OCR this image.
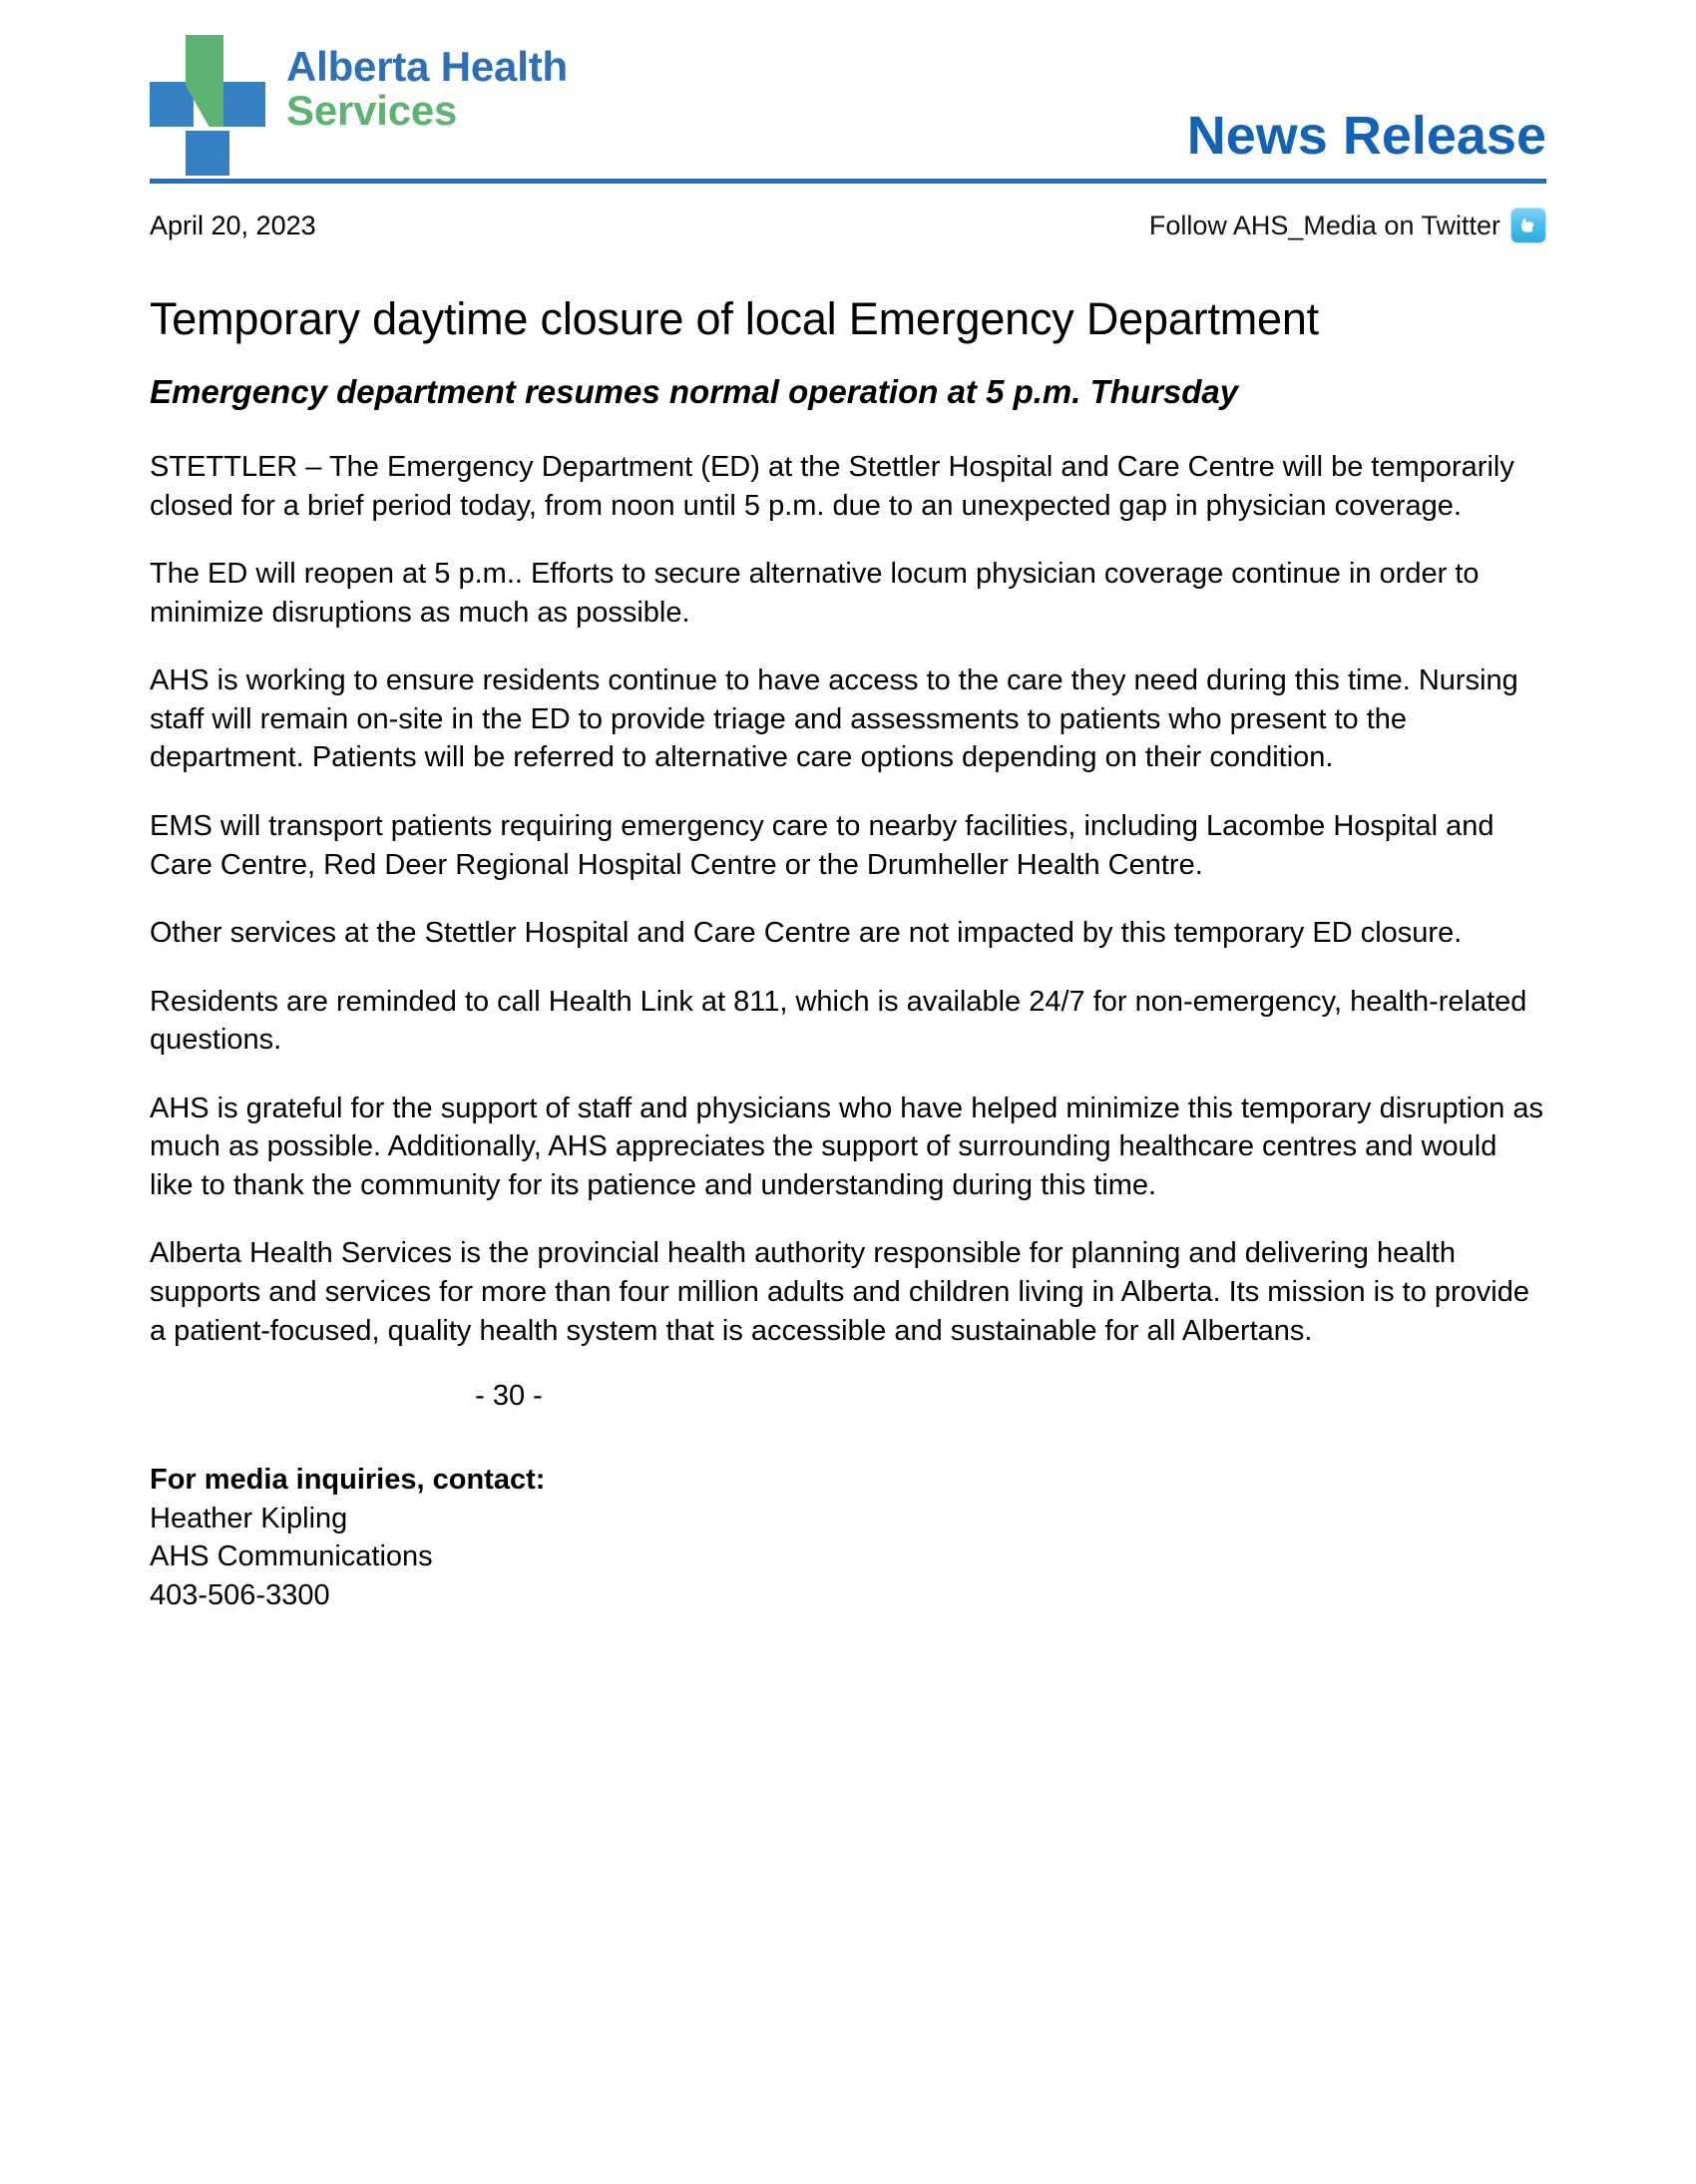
Alberta Health
Services	News Release
April 20, 2023	Follow AHS_Media on Twitter
Temporary daytime closure of local Emergency Department
Emergency department resumes normal operation at 5 p.m. Thursday

STETTLER – The Emergency Department (ED) at the Stettler Hospital and Care Centre will be temporarily closed for a brief period today, from noon until 5 p.m. due to an unexpected gap in physician coverage.

The ED will reopen at 5 p.m.. Efforts to secure alternative locum physician coverage continue in order to minimize disruptions as much as possible.

AHS is working to ensure residents continue to have access to the care they need during this time. Nursing staff will remain on-site in the ED to provide triage and assessments to patients who present to the department. Patients will be referred to alternative care options depending on their condition.

EMS will transport patients requiring emergency care to nearby facilities, including Lacombe Hospital and Care Centre, Red Deer Regional Hospital Centre or the Drumheller Health Centre.

Other services at the Stettler Hospital and Care Centre are not impacted by this temporary ED closure.

Residents are reminded to call Health Link at 811, which is available 24/7 for non-emergency, health-related questions.

AHS is grateful for the support of staff and physicians who have helped minimize this temporary disruption as much as possible. Additionally, AHS appreciates the support of surrounding healthcare centres and would like to thank the community for its patience and understanding during this time.

Alberta Health Services is the provincial health authority responsible for planning and delivering health supports and services for more than four million adults and children living in Alberta. Its mission is to provide a patient-focused, quality health system that is accessible and sustainable for all Albertans.

- 30 -
For media inquiries, contact:
Heather Kipling
AHS Communications
403-506-3300
